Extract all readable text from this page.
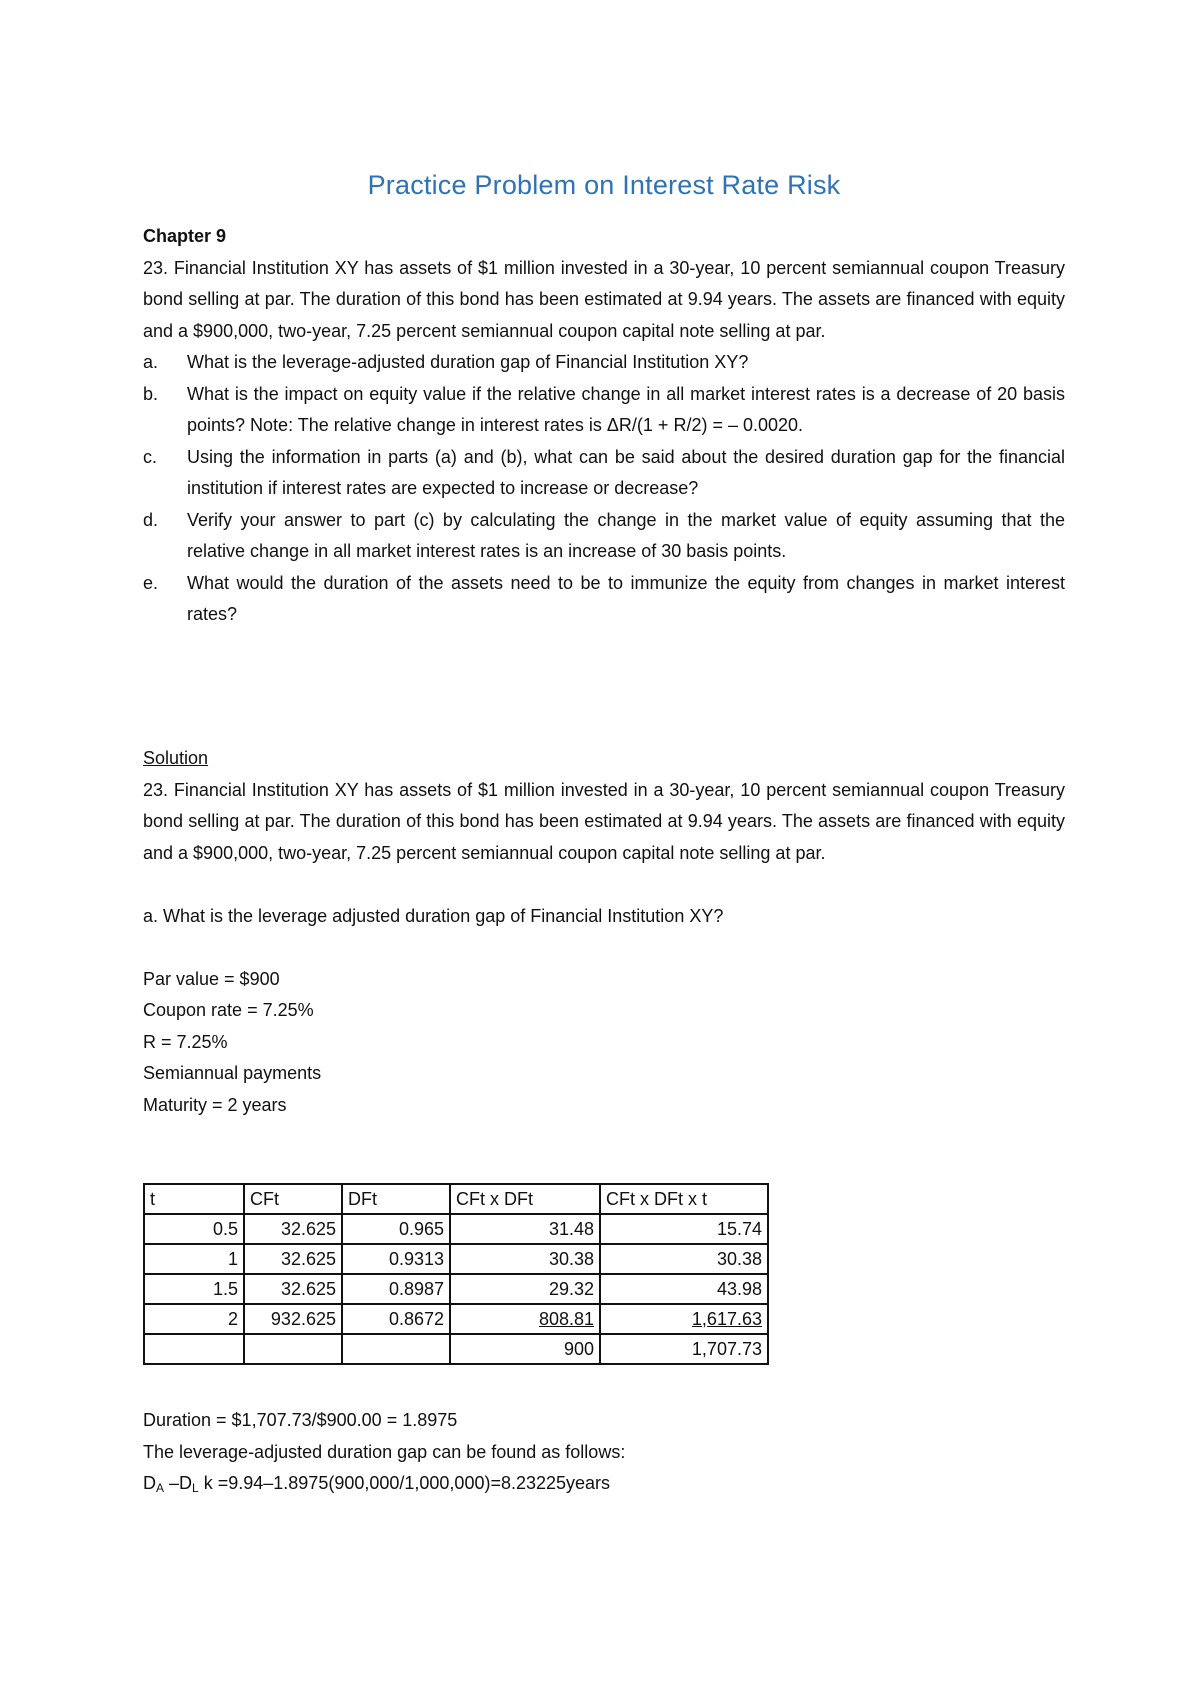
Practice Problem on Interest Rate Risk
Chapter 9
23. Financial Institution XY has assets of $1 million invested in a 30-year, 10 percent semiannual coupon Treasury bond selling at par. The duration of this bond has been estimated at 9.94 years. The assets are financed with equity and a $900,000, two-year, 7.25 percent semiannual coupon capital note selling at par.
a. What is the leverage-adjusted duration gap of Financial Institution XY?
b. What is the impact on equity value if the relative change in all market interest rates is a decrease of 20 basis points? Note: The relative change in interest rates is ΔR/(1 + R/2) = – 0.0020.
c. Using the information in parts (a) and (b), what can be said about the desired duration gap for the financial institution if interest rates are expected to increase or decrease?
d. Verify your answer to part (c) by calculating the change in the market value of equity assuming that the relative change in all market interest rates is an increase of 30 basis points.
e. What would the duration of the assets need to be to immunize the equity from changes in market interest rates?
Solution
23. Financial Institution XY has assets of $1 million invested in a 30-year, 10 percent semiannual coupon Treasury bond selling at par. The duration of this bond has been estimated at 9.94 years. The assets are financed with equity and a $900,000, two-year, 7.25 percent semiannual coupon capital note selling at par.
a. What is the leverage adjusted duration gap of Financial Institution XY?
Par value = $900
Coupon rate = 7.25%
R = 7.25%
Semiannual payments
Maturity = 2 years
t	CFt	DFt	CFt x DFt	CFt x DFt x t
0.5	32.625	0.965	31.48	15.74
1	32.625	0.9313	30.38	30.38
1.5	32.625	0.8987	29.32	43.98
2	932.625	0.8672	808.81	1,617.63
			900	1,707.73
Duration = $1,707.73/$900.00 = 1.8975
The leverage-adjusted duration gap can be found as follows:
$D_A$ $-D_L$ k =9.94–1.8975(900,000/1,000,000)=8.23225years
